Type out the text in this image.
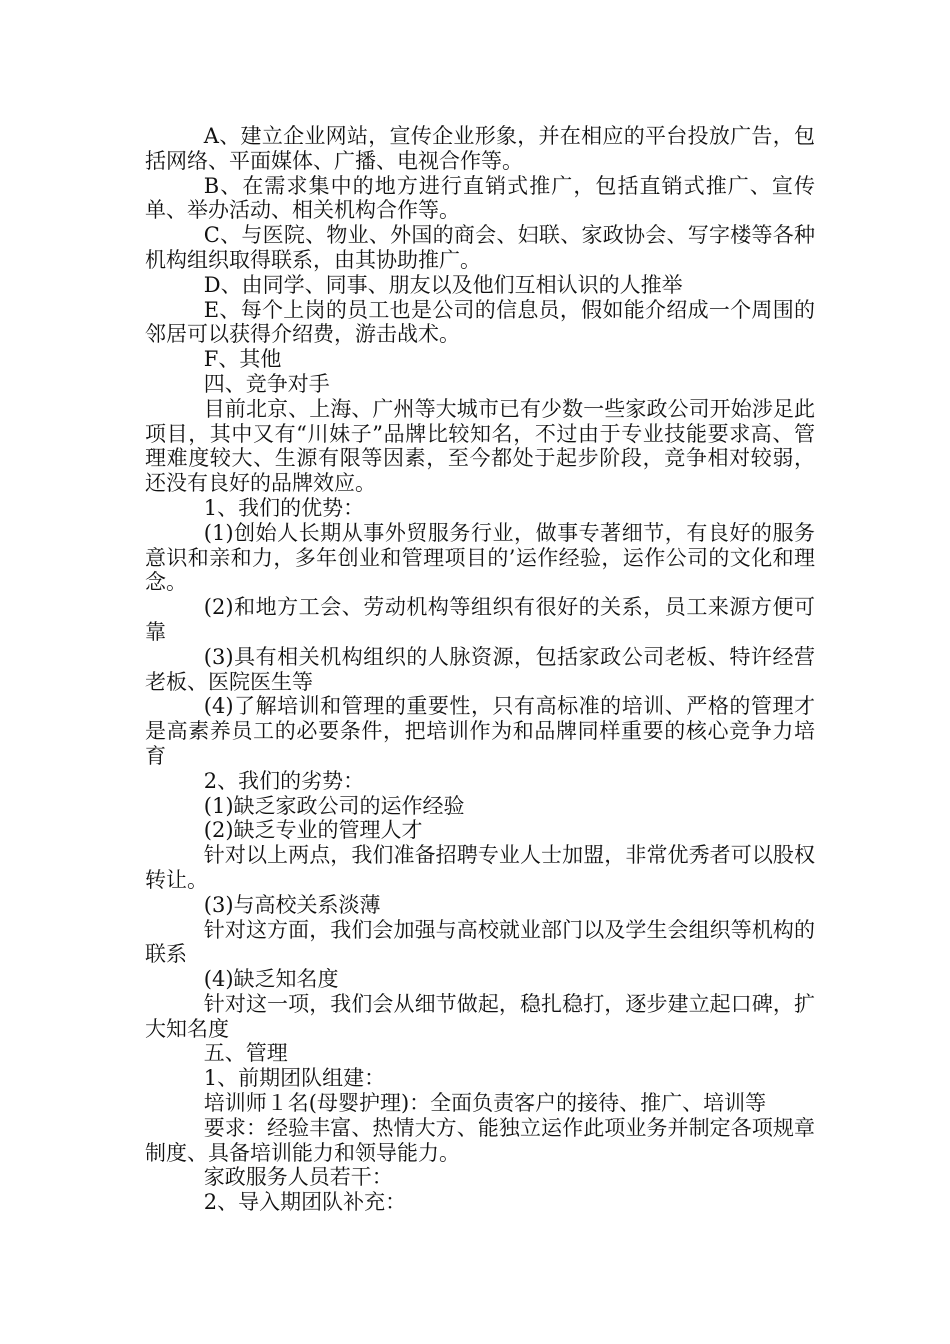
A、建立企业网站，宣传企业形象，并在相应的平台投放广告，包括网络、平面媒体、广播、电视合作等。

B、在需求集中的地方进行直销式推广，包括直销式推广、宣传单、举办活动、相关机构合作等。

C、与医院、物业、外国的商会、妇联、家政协会、写字楼等各种机构组织取得联系，由其协助推广。

D、由同学、同事、朋友以及他们互相认识的人推举

E、每个上岗的员工也是公司的信息员，假如能介绍成一个周围的邻居可以获得介绍费，游击战术。

F、其他

四、竞争对手

目前北京、上海、广州等大城市已有少数一些家政公司开始涉足此项目，其中又有“川妹子”品牌比较知名，不过由于专业技能要求高、管理难度较大、生源有限等因素，至今都处于起步阶段，竞争相对较弱，还没有良好的品牌效应。

1、我们的优势：

(1)创始人长期从事外贸服务行业，做事专著细节，有良好的服务意识和亲和力，多年创业和管理项目的’运作经验，运作公司的文化和理念。

(2)和地方工会、劳动机构等组织有很好的关系，员工来源方便可靠

(3)具有相关机构组织的人脉资源，包括家政公司老板、特许经营老板、医院医生等

(4)了解培训和管理的重要性，只有高标准的培训、严格的管理才是高素养员工的必要条件，把培训作为和品牌同样重要的核心竞争力培育

2、我们的劣势：

(1)缺乏家政公司的运作经验

(2)缺乏专业的管理人才

针对以上两点，我们准备招聘专业人士加盟，非常优秀者可以股权转让。

(3)与高校关系淡薄

针对这方面，我们会加强与高校就业部门以及学生会组织等机构的联系

(4)缺乏知名度

针对这一项，我们会从细节做起，稳扎稳打，逐步建立起口碑，扩大知名度

五、管理

1、前期团队组建：

培训师１名(母婴护理)：全面负责客户的接待、推广、培训等

要求：经验丰富、热情大方、能独立运作此项业务并制定各项规章制度、具备培训能力和领导能力。

家政服务人员若干：

2、导入期团队补充：
